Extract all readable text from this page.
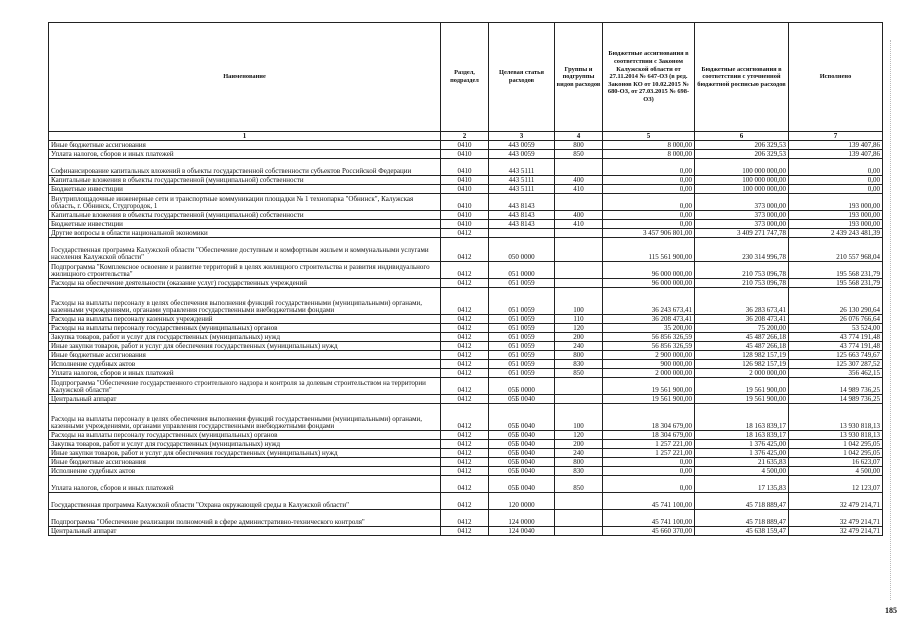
Наименование	Раздел, подраздел	Целевая статья расходов	Группы и подгруппы видов расходов	Бюджетные ассигнования в соответствии с Законом Калужской области от 27.11.2014 № 647-ОЗ (в ред. Законов КО от 10.02.2015 № 680-ОЗ, от 27.03.2015 № 698-ОЗ)	Бюджетные ассигнования в соответствии с уточненной бюджетной росписью расходов	Исполнено
1	2	3	4	5	6	7
Иные бюджетные ассигнования	0410	443 0059	800	8 000,00	206 329,53	139 407,86
Уплата налогов, сборов и иных платежей	0410	443 0059	850	8 000,00	206 329,53	139 407,86
Софинансирование капитальных вложений в объекты государственной собственности субъектов Российской Федерации	0410	443 5111		0,00	100 000 000,00	0,00
Капитальные вложения в объекты государственной (муниципальной) собственности	0410	443 5111	400	0,00	100 000 000,00	0,00
Бюджетные инвестиции	0410	443 5111	410	0,00	100 000 000,00	0,00
Внутриплощадочные инженерные сети и транспортные коммуникации площадки № 1 технопарка "Обнинск", Калужская область, г. Обнинск, Студгородок, 1	0410	443 8143		0,00	373 000,00	193 000,00
Капитальные вложения в объекты государственной (муниципальной) собственности	0410	443 8143	400	0,00	373 000,00	193 000,00
Бюджетные инвестиции	0410	443 8143	410	0,00	373 000,00	193 000,00
Другие вопросы в области национальной экономики	0412			3 457 906 801,00	3 409 271 747,78	2 439 243 481,39
Государственная программа Калужской области "Обеспечение доступным и комфортным жильем и коммунальными услугами населения Калужской области"	0412	050 0000		115 561 900,00	230 314 996,78	210 557 968,04
Подпрограмма "Комплексное освоение и развитие территорий в целях жилищного строительства и развития индивидуального жилищного строительства"	0412	051 0000		96 000 000,00	210 753 096,78	195 568 231,79
Расходы на обеспечение деятельности (оказание услуг) государственных учреждений	0412	051 0059		96 000 000,00	210 753 096,78	195 568 231,79
Расходы на выплаты персоналу в целях обеспечения выполнения функций государственными (муниципальными) органами, казенными учреждениями, органами управления государственными внебюджетными фондами	0412	051 0059	100	36 243 673,41	36 283 673,41	26 130 290,64
Расходы на выплаты персоналу казенных учреждений	0412	051 0059	110	36 208 473,41	36 208 473,41	26 076 766,64
Расходы на выплаты персоналу государственных (муниципальных) органов	0412	051 0059	120	35 200,00	75 200,00	53 524,00
Закупка товаров, работ и услуг для государственных (муниципальных) нужд	0412	051 0059	200	56 856 326,59	45 487 266,18	43 774 191,48
Иные закупки товаров, работ и услуг для обеспечения государственных (муниципальных) нужд	0412	051 0059	240	56 856 326,59	45 487 266,18	43 774 191,48
Иные бюджетные ассигнования	0412	051 0059	800	2 900 000,00	128 982 157,19	125 663 749,67
Исполнение судебных актов	0412	051 0059	830	900 000,00	126 982 157,19	125 307 287,52
Уплата налогов, сборов и иных платежей	0412	051 0059	850	2 000 000,00	2 000 000,00	356 462,15
Подпрограмма "Обеспечение государственного строительного надзора и контроля за долевым строительством на территории Калужской области"	0412	05Б 0000		19 561 900,00	19 561 900,00	14 989 736,25
Центральный аппарат	0412	05Б 0040		19 561 900,00	19 561 900,00	14 989 736,25
Расходы на выплаты персоналу в целях обеспечения выполнения функций государственными (муниципальными) органами, казенными учреждениями, органами управления государственными внебюджетными фондами	0412	05Б 0040	100	18 304 679,00	18 163 839,17	13 930 818,13
Расходы на выплаты персоналу государственных (муниципальных) органов	0412	05Б 0040	120	18 304 679,00	18 163 839,17	13 930 818,13
Закупка товаров, работ и услуг для государственных (муниципальных) нужд	0412	05Б 0040	200	1 257 221,00	1 376 425,00	1 042 295,05
Иные закупки товаров, работ и услуг для обеспечения государственных (муниципальных) нужд	0412	05Б 0040	240	1 257 221,00	1 376 425,00	1 042 295,05
Иные бюджетные ассигнования	0412	05Б 0040	800	0,00	21 635,83	16 623,07
Исполнение судебных актов	0412	05Б 0040	830	0,00	4 500,00	4 500,00
Уплата налогов, сборов и иных платежей	0412	05Б 0040	850	0,00	17 135,83	12 123,07
Государственная программа Калужской области "Охрана окружающей среды в Калужской области"	0412	120 0000		45 741 100,00	45 718 889,47	32 479 214,71
Подпрограмма "Обеспечение реализации полномочий в сфере административно-технического контроля"	0412	124 0000		45 741 100,00	45 718 889,47	32 479 214,71
Центральный аппарат	0412	124 0040		45 660 370,00	45 638 159,47	32 479 214,71
185
